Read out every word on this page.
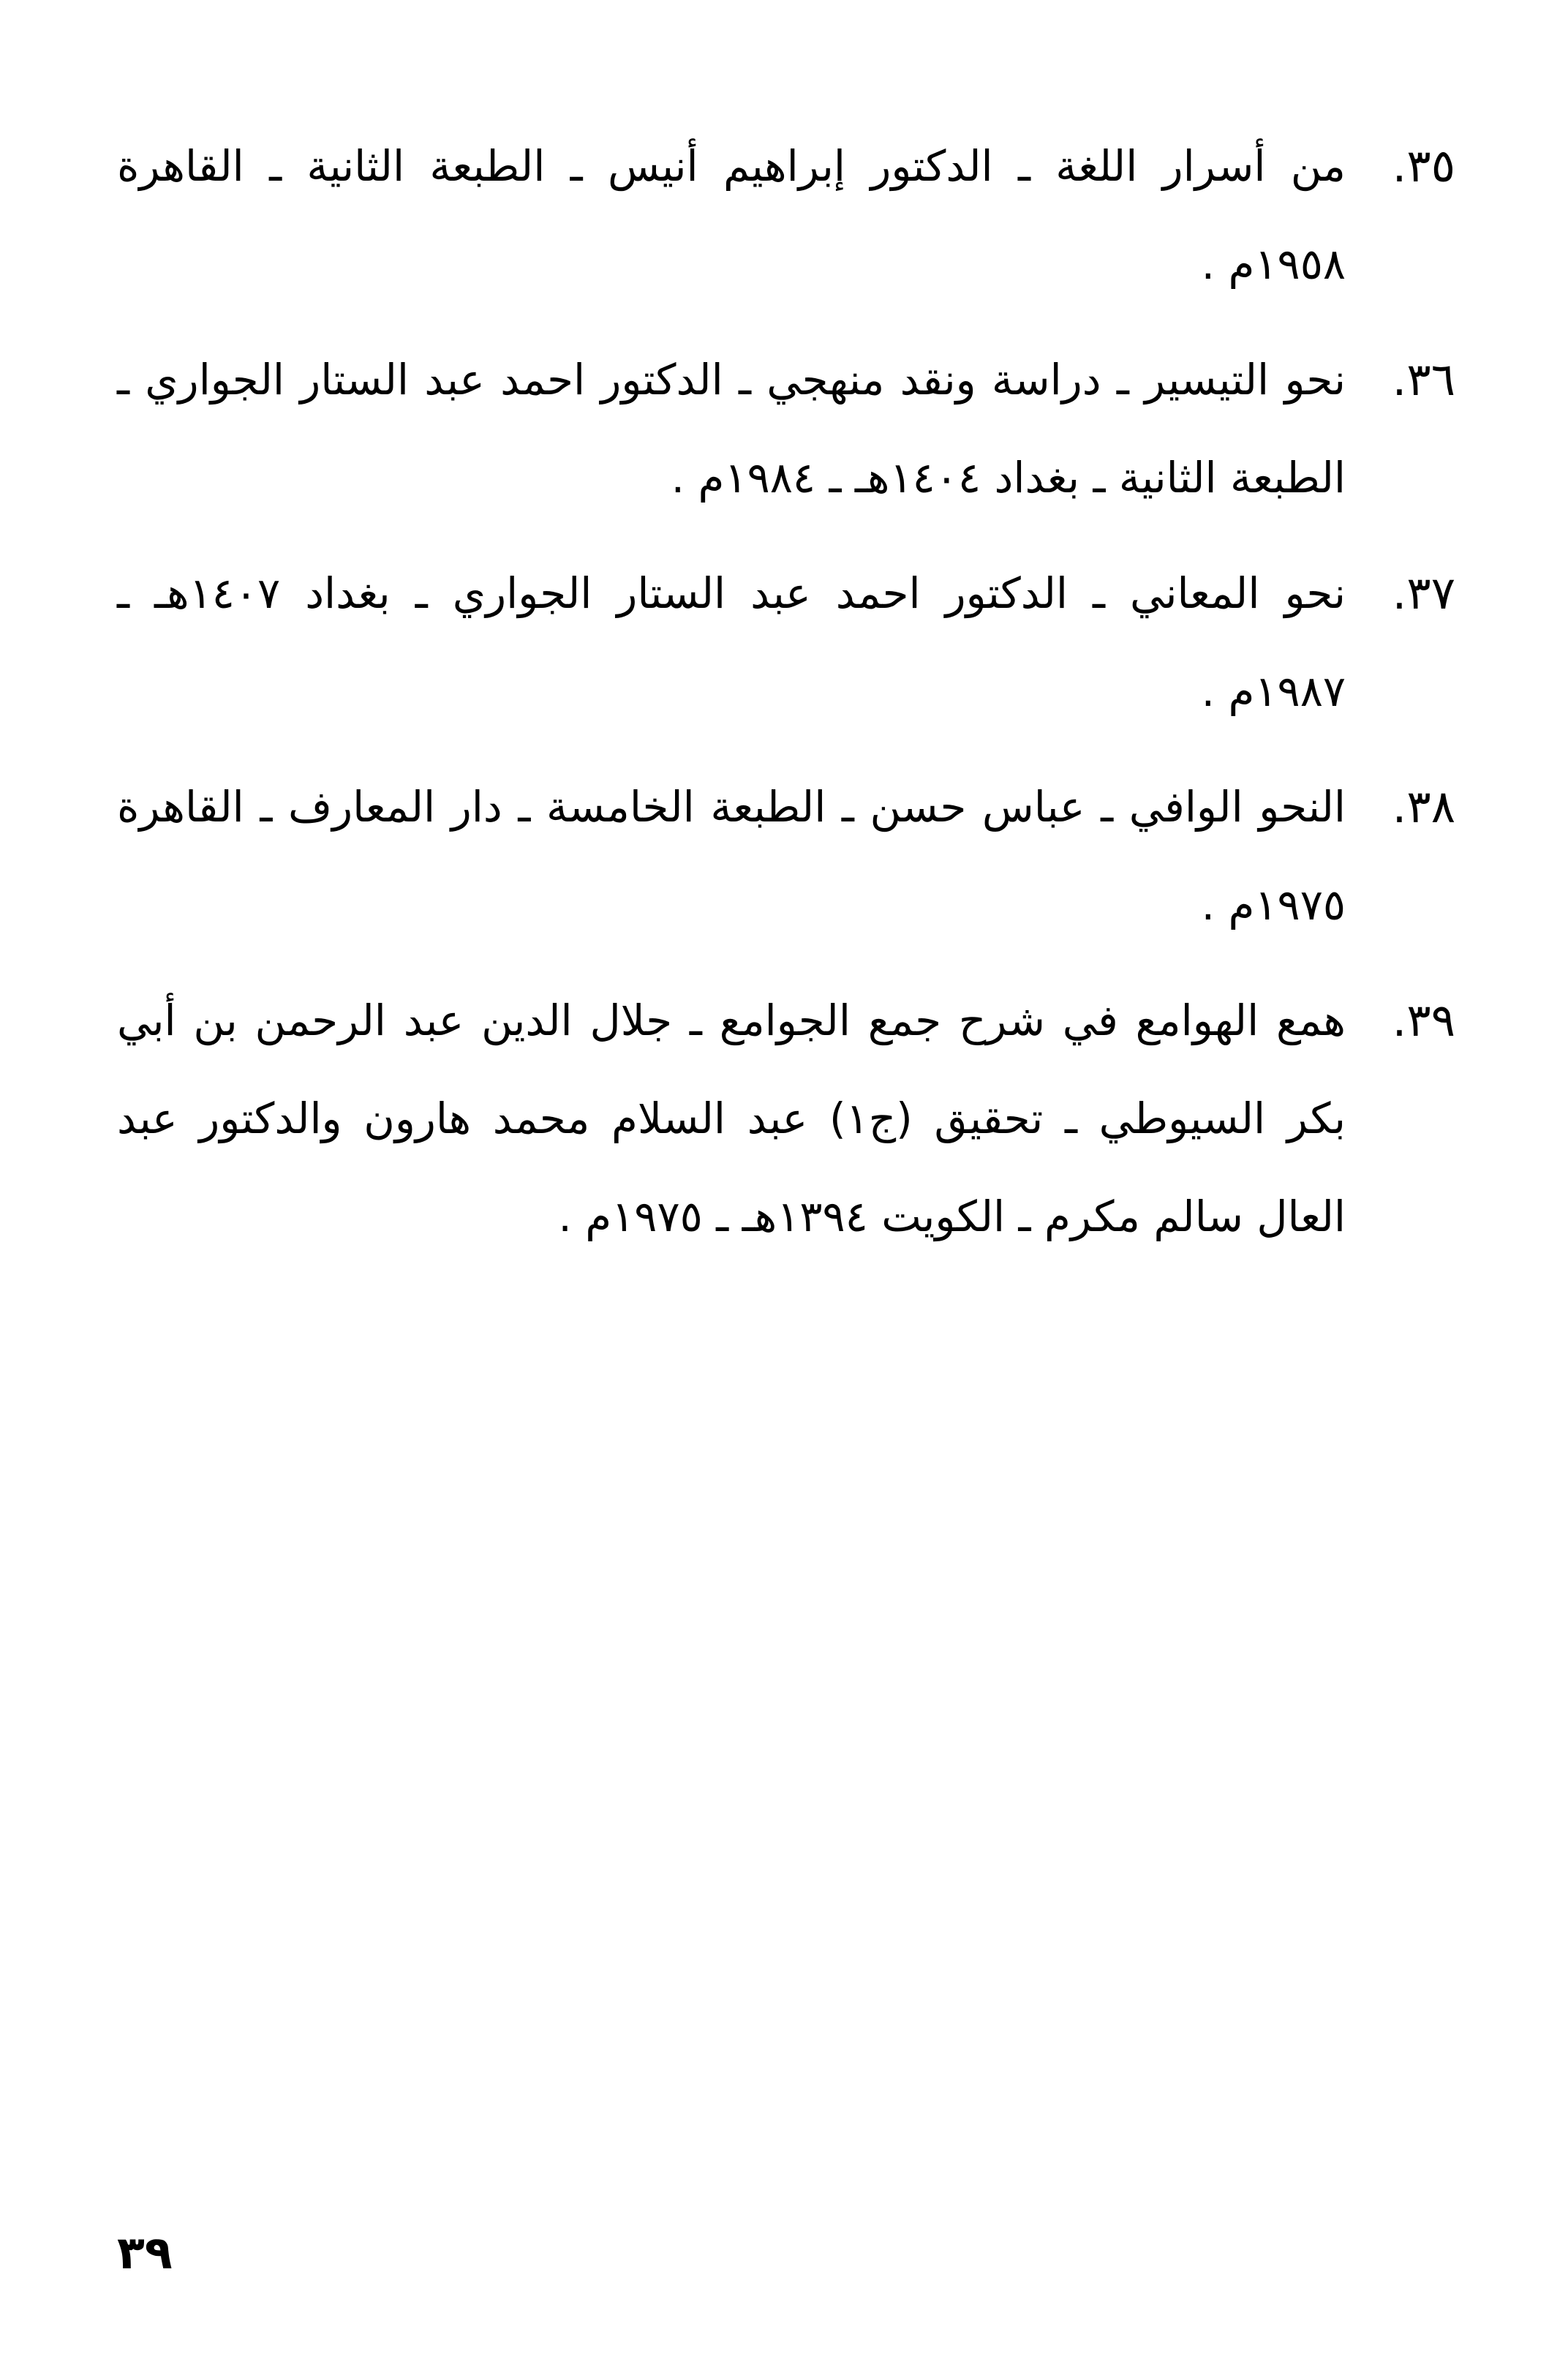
٣٥.
من أسرار اللغة ـ الدكتور إبراهيم أنيس ـ الطبعة الثانية ـ القاهرة ١٩٥٨م .
٣٦.
نحو التيسير ـ دراسة ونقد منهجي ـ الدكتور احمد عبد الستار الجواري ـ الطبعة الثانية ـ بغداد ١٤٠٤هـ ـ ١٩٨٤م .
٣٧.
نحو المعاني ـ الدكتور احمد عبد الستار الجواري ـ بغداد ١٤٠٧هـ ـ ١٩٨٧م .
٣٨.
النحو الوافي ـ عباس حسن ـ الطبعة الخامسة ـ دار المعارف ـ القاهرة ١٩٧٥م .
٣٩.
همع الهوامع في شرح جمع الجوامع ـ جلال الدين عبد الرحمن بن أبي بكر السيوطي ـ تحقيق (ج١) عبد السلام محمد هارون والدكتور عبد العال سالم مكرم ـ الكويت ١٣٩٤هـ ـ ١٩٧٥م .
٣٩
